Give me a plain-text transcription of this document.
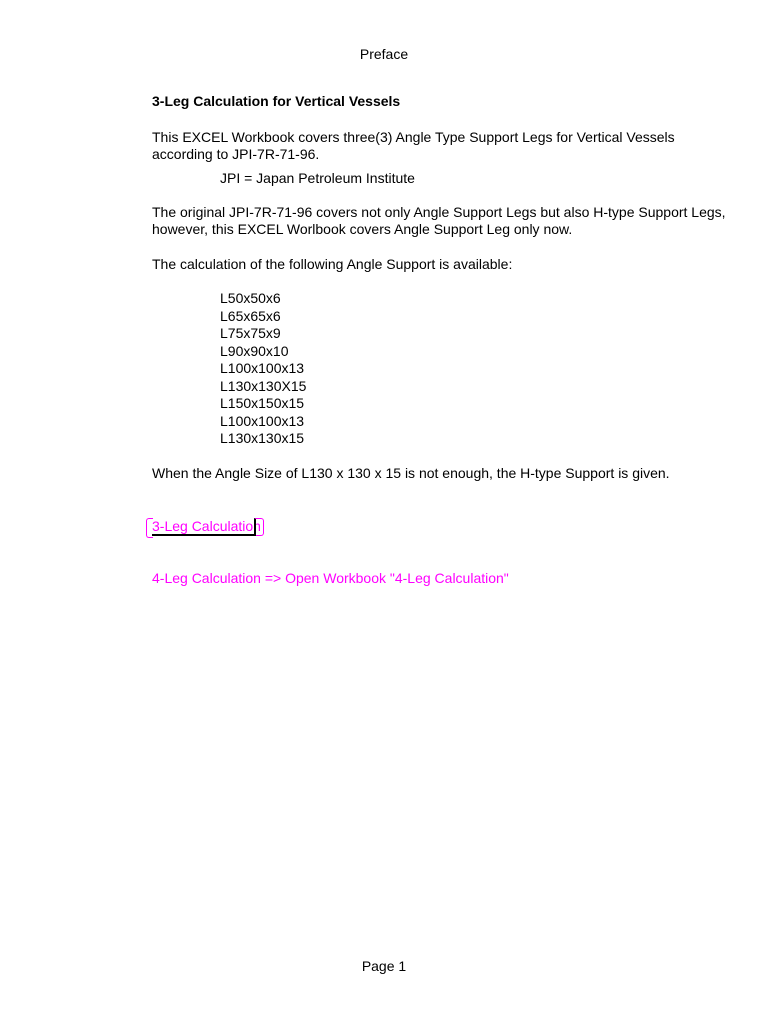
Preface
3-Leg Calculation for Vertical Vessels
This EXCEL Workbook covers three(3) Angle Type Support Legs for Vertical Vessels
according to JPI-7R-71-96.
JPI = Japan Petroleum Institute
The original JPI-7R-71-96 covers not only Angle Support Legs but also H-type Support Legs,
however, this EXCEL Worlbook covers Angle Support Leg only now.
The calculation of the following Angle Support is available:
L50x50x6
L65x65x6
L75x75x9
L90x90x10
L100x100x13
L130x130X15
L150x150x15
L100x100x13
L130x130x15
When the Angle Size of L130 x 130 x 15 is not enough, the H-type Support is given.
3-Leg Calculation
4-Leg Calculation => Open Workbook "4-Leg Calculation"
Page 1
